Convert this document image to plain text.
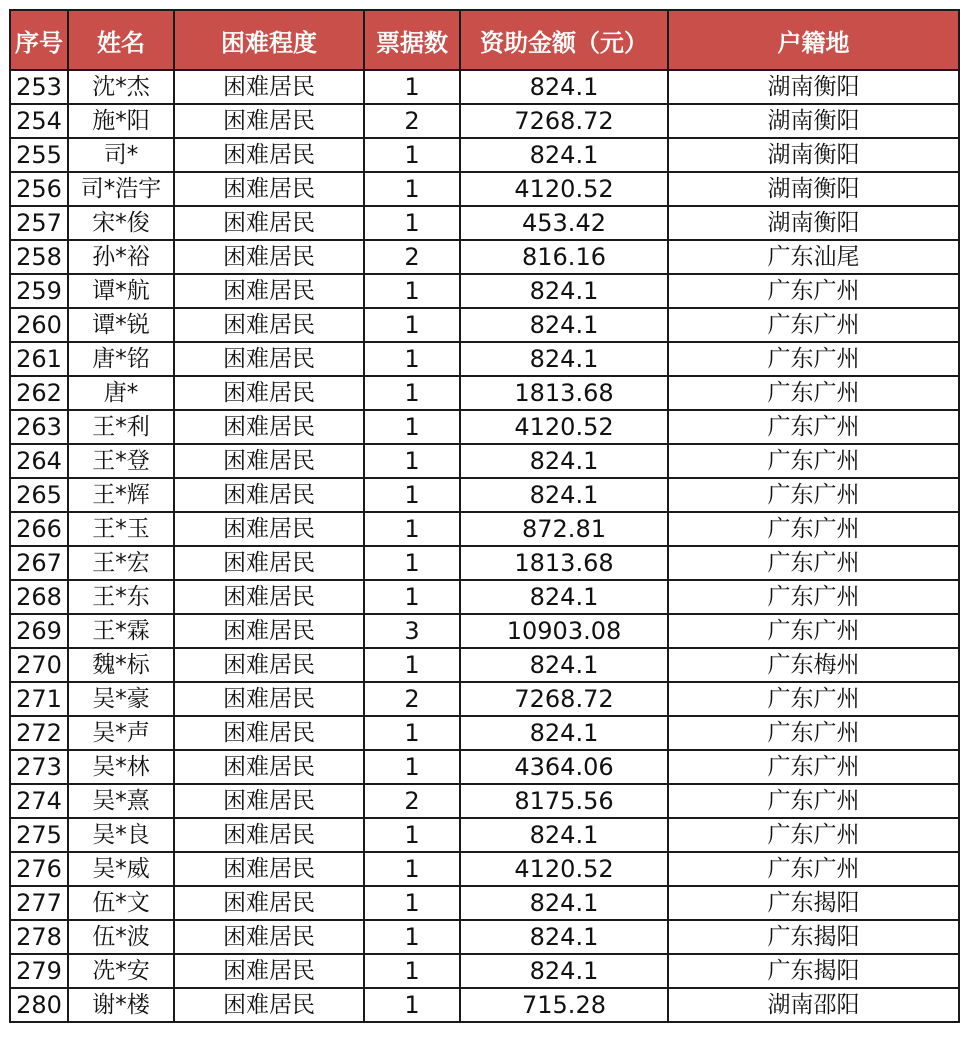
序号	姓名	困难程度	票据数	资助金额（元）	户籍地
253	沈*杰	困难居民	1	824.1	湖南衡阳
254	施*阳	困难居民	2	7268.72	湖南衡阳
255	司*	困难居民	1	824.1	湖南衡阳
256	司*浩宇	困难居民	1	4120.52	湖南衡阳
257	宋*俊	困难居民	1	453.42	湖南衡阳
258	孙*裕	困难居民	2	816.16	广东汕尾
259	谭*航	困难居民	1	824.1	广东广州
260	谭*锐	困难居民	1	824.1	广东广州
261	唐*铭	困难居民	1	824.1	广东广州
262	唐*	困难居民	1	1813.68	广东广州
263	王*利	困难居民	1	4120.52	广东广州
264	王*登	困难居民	1	824.1	广东广州
265	王*辉	困难居民	1	824.1	广东广州
266	王*玉	困难居民	1	872.81	广东广州
267	王*宏	困难居民	1	1813.68	广东广州
268	王*东	困难居民	1	824.1	广东广州
269	王*霖	困难居民	3	10903.08	广东广州
270	魏*标	困难居民	1	824.1	广东梅州
271	吴*豪	困难居民	2	7268.72	广东广州
272	吴*声	困难居民	1	824.1	广东广州
273	吴*林	困难居民	1	4364.06	广东广州
274	吴*熹	困难居民	2	8175.56	广东广州
275	吴*良	困难居民	1	824.1	广东广州
276	吴*威	困难居民	1	4120.52	广东广州
277	伍*文	困难居民	1	824.1	广东揭阳
278	伍*波	困难居民	1	824.1	广东揭阳
279	冼*安	困难居民	1	824.1	广东揭阳
280	谢*楼	困难居民	1	715.28	湖南邵阳
